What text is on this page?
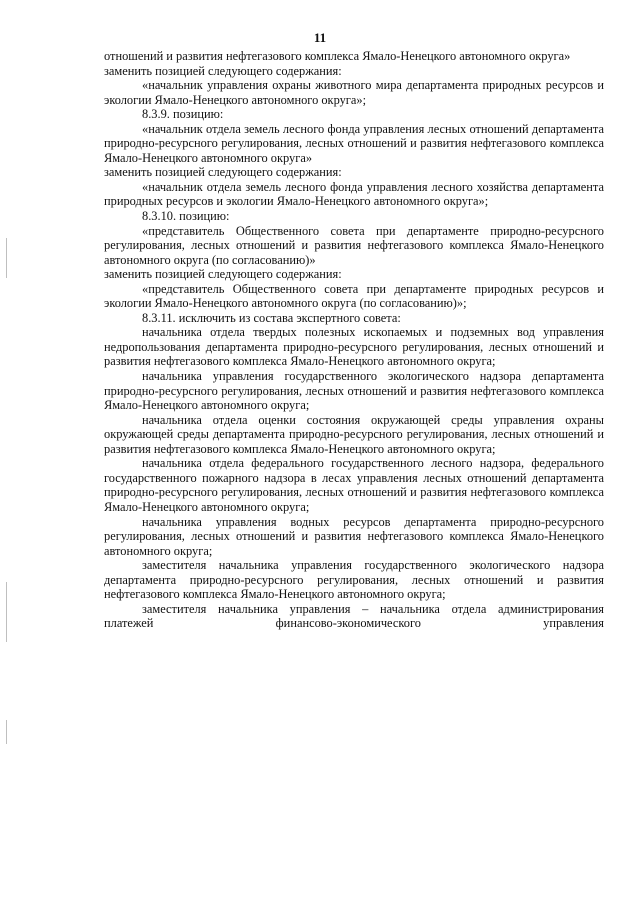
11

отношений и развития нефтегазового комплекса Ямало-Ненецкого автономного округа»

заменить позицией следующего содержания:

«начальник управления охраны животного мира департамента природных ресурсов и экологии Ямало-Ненецкого автономного округа»;

8.3.9. позицию:

«начальник отдела земель лесного фонда управления лесных отношений департамента природно-ресурсного регулирования, лесных отношений и развития нефтегазового комплекса Ямало-Ненецкого автономного округа»

заменить позицией следующего содержания:

«начальник отдела земель лесного фонда управления лесного хозяйства департамента природных ресурсов и экологии Ямало-Ненецкого автономного округа»;

8.3.10. позицию:

«представитель Общественного совета при департаменте природно-ресурсного регулирования, лесных отношений и развития нефтегазового комплекса Ямало-Ненецкого автономного округа (по согласованию)»

заменить позицией следующего содержания:

«представитель Общественного совета при департаменте природных ресурсов и экологии Ямало-Ненецкого автономного округа (по согласованию)»;

8.3.11. исключить из состава экспертного совета:

начальника отдела твердых полезных ископаемых и подземных вод управления недропользования департамента природно-ресурсного регулирования, лесных отношений и развития нефтегазового комплекса Ямало-Ненецкого автономного округа;

начальника управления государственного экологического надзора департамента природно-ресурсного регулирования, лесных отношений и развития нефтегазового комплекса Ямало-Ненецкого автономного округа;

начальника отдела оценки состояния окружающей среды управления охраны окружающей среды департамента природно-ресурсного регулирования, лесных отношений и развития нефтегазового комплекса Ямало-Ненецкого автономного округа;

начальника отдела федерального государственного лесного надзора, федерального государственного пожарного надзора в лесах управления лесных отношений департамента природно-ресурсного регулирования, лесных отношений и развития нефтегазового комплекса Ямало-Ненецкого автономного округа;

начальника управления водных ресурсов департамента природно-ресурсного регулирования, лесных отношений и развития нефтегазового комплекса Ямало-Ненецкого автономного округа;

заместителя начальника управления государственного экологического надзора департамента природно-ресурсного регулирования, лесных отношений и развития нефтегазового комплекса Ямало-Ненецкого автономного округа;

заместителя начальника управления – начальника отдела администрирования платежей финансово-экономического управления
